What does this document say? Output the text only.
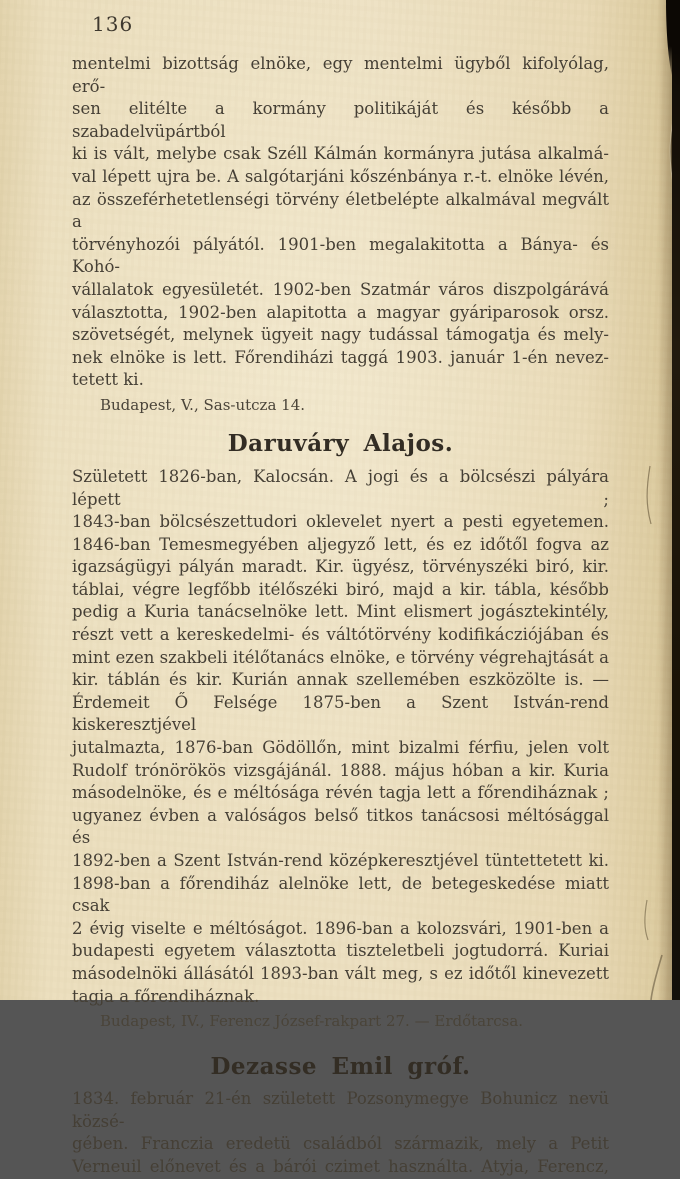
136
mentelmi bizottság elnöke, egy mentelmi ügyből kifolyólag, erő-
sen elitélte a kormány politikáját és később a szabadelvüpártból
ki is vált, melybe csak Széll Kálmán kormányra jutása alkalmá-
val lépett ujra be. A salgótarjáni kőszénbánya r.-t. elnöke lévén,
az összeférhetetlenségi törvény életbelépte alkalmával megvált a
törvényhozói pályától. 1901-ben megalakitotta a Bánya- és Kohó-
vállalatok egyesületét. 1902-ben Szatmár város diszpolgárává
választotta, 1902-ben alapitotta a magyar gyáriparosok orsz.
szövetségét, melynek ügyeit nagy tudással támogatja és mely-
nek elnöke is lett. Főrendiházi taggá 1903. január 1-én nevez-
tetett ki.
Budapest, V., Sas-utcza 14.
Daruváry Alajos.
Született 1826-ban, Kalocsán. A jogi és a bölcsészi pályára lépett ;
1843-ban bölcsészettudori oklevelet nyert a pesti egyetemen.
1846-ban Temesmegyében aljegyző lett, és ez időtől fogva az
igazságügyi pályán maradt. Kir. ügyész, törvényszéki biró, kir.
táblai, végre legfőbb itélőszéki biró, majd a kir. tábla, később
pedig a Kuria tanácselnöke lett. Mint elismert jogásztekintély,
részt vett a kereskedelmi- és váltótörvény kodifikácziójában és
mint ezen szakbeli itélőtanács elnöke, e törvény végrehajtását a
kir. táblán és kir. Kurián annak szellemében eszközölte is. —
Érdemeit Ő Felsége 1875-ben a Szent István-rend kiskeresztjével
jutalmazta, 1876-ban Gödöllőn, mint bizalmi férfiu, jelen volt
Rudolf trónörökös vizsgájánál. 1888. május hóban a kir. Kuria
másodelnöke, és e méltósága révén tagja lett a főrendiháznak ;
ugyanez évben a valóságos belső titkos tanácsosi méltósággal és
1892-ben a Szent István-rend középkeresztjével tüntettetett ki.
1898-ban a főrendiház alelnöke lett, de betegeskedése miatt csak
2 évig viselte e méltóságot. 1896-ban a kolozsvári, 1901-ben a
budapesti egyetem választotta tiszteletbeli jogtudorrá. Kuriai
másodelnöki állásától 1893-ban vált meg, s ez időtől kinevezett
tagja a főrendiháznak.
Budapest, IV., Ferencz József-rakpart 27. — Erdőtarcsa.
Dezasse Emil gróf.
1834. február 21-én született Pozsonymegye Bohunicz nevü közsé-
gében. Franczia eredetü családból származik, mely a Petit
Verneuil előnevet és a bárói czimet használta. Atyja, Ferencz,
